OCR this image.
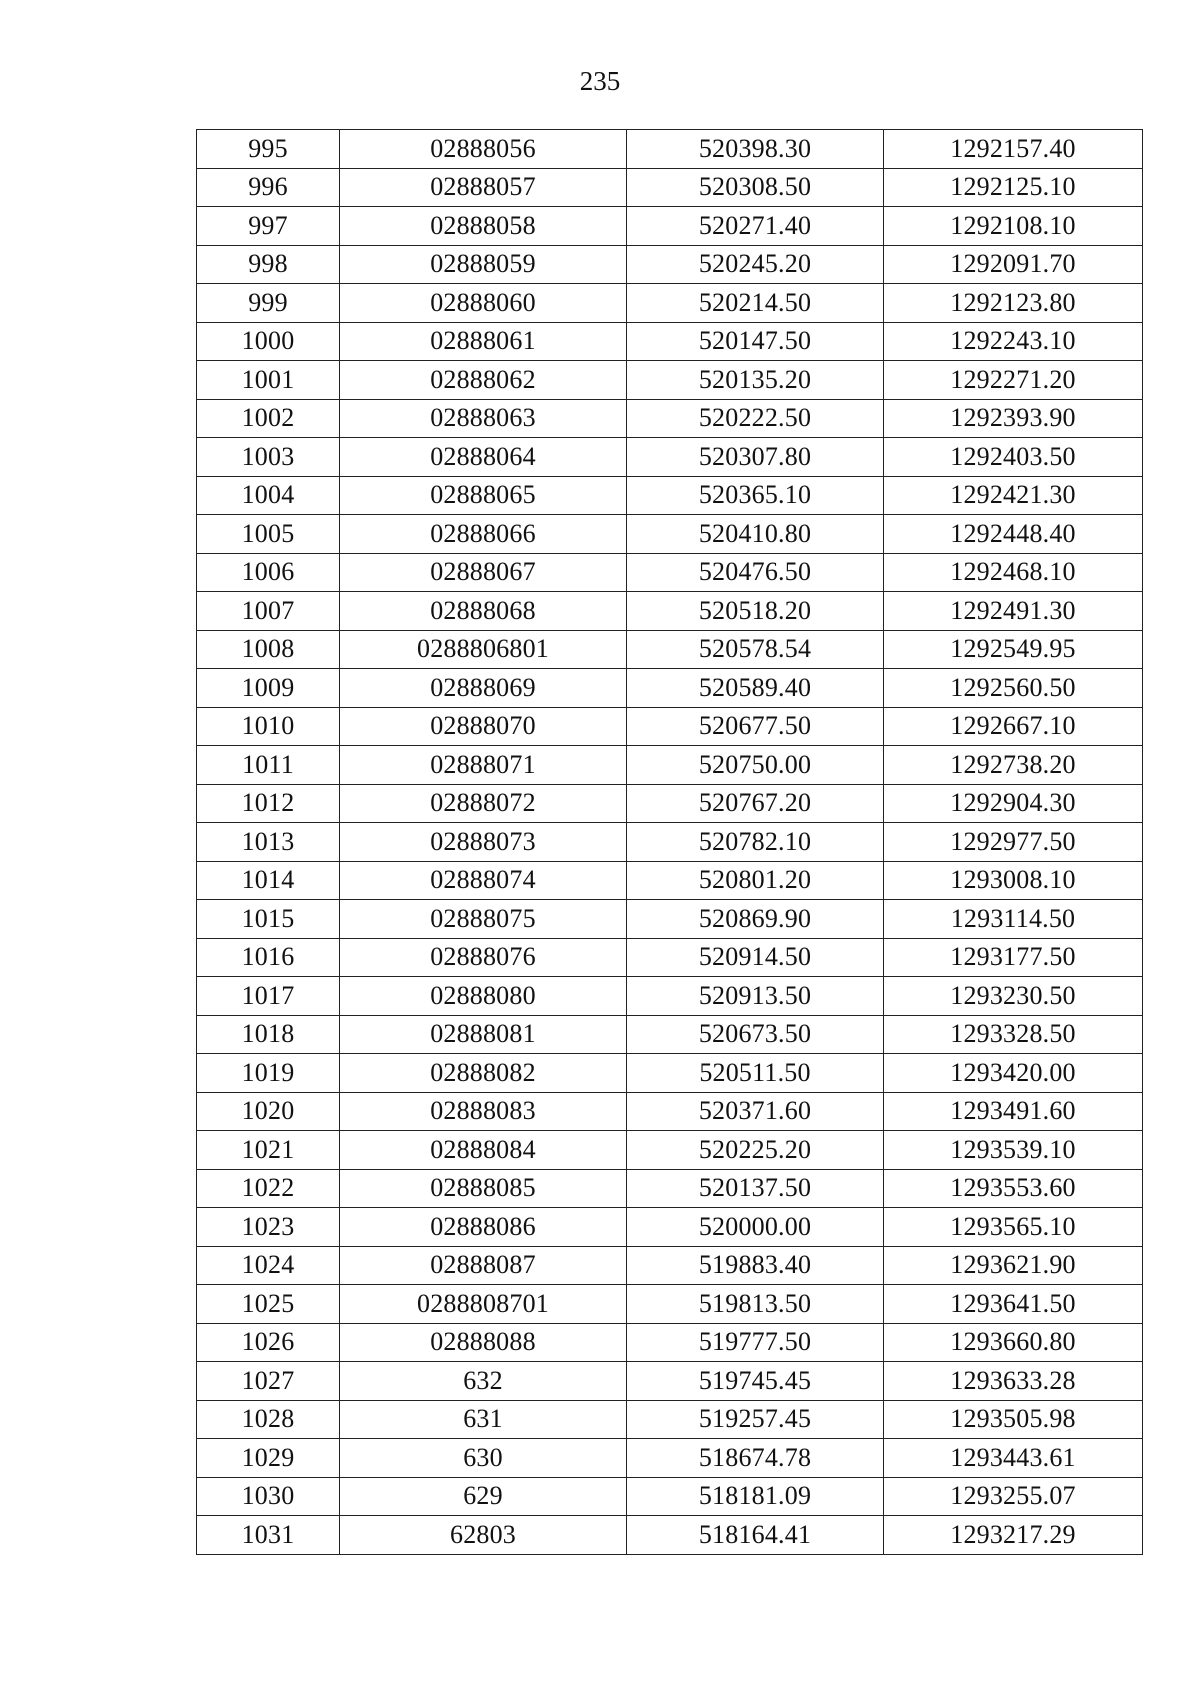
235
995	02888056	520398.30	1292157.40
996	02888057	520308.50	1292125.10
997	02888058	520271.40	1292108.10
998	02888059	520245.20	1292091.70
999	02888060	520214.50	1292123.80
1000	02888061	520147.50	1292243.10
1001	02888062	520135.20	1292271.20
1002	02888063	520222.50	1292393.90
1003	02888064	520307.80	1292403.50
1004	02888065	520365.10	1292421.30
1005	02888066	520410.80	1292448.40
1006	02888067	520476.50	1292468.10
1007	02888068	520518.20	1292491.30
1008	0288806801	520578.54	1292549.95
1009	02888069	520589.40	1292560.50
1010	02888070	520677.50	1292667.10
1011	02888071	520750.00	1292738.20
1012	02888072	520767.20	1292904.30
1013	02888073	520782.10	1292977.50
1014	02888074	520801.20	1293008.10
1015	02888075	520869.90	1293114.50
1016	02888076	520914.50	1293177.50
1017	02888080	520913.50	1293230.50
1018	02888081	520673.50	1293328.50
1019	02888082	520511.50	1293420.00
1020	02888083	520371.60	1293491.60
1021	02888084	520225.20	1293539.10
1022	02888085	520137.50	1293553.60
1023	02888086	520000.00	1293565.10
1024	02888087	519883.40	1293621.90
1025	0288808701	519813.50	1293641.50
1026	02888088	519777.50	1293660.80
1027	632	519745.45	1293633.28
1028	631	519257.45	1293505.98
1029	630	518674.78	1293443.61
1030	629	518181.09	1293255.07
1031	62803	518164.41	1293217.29
